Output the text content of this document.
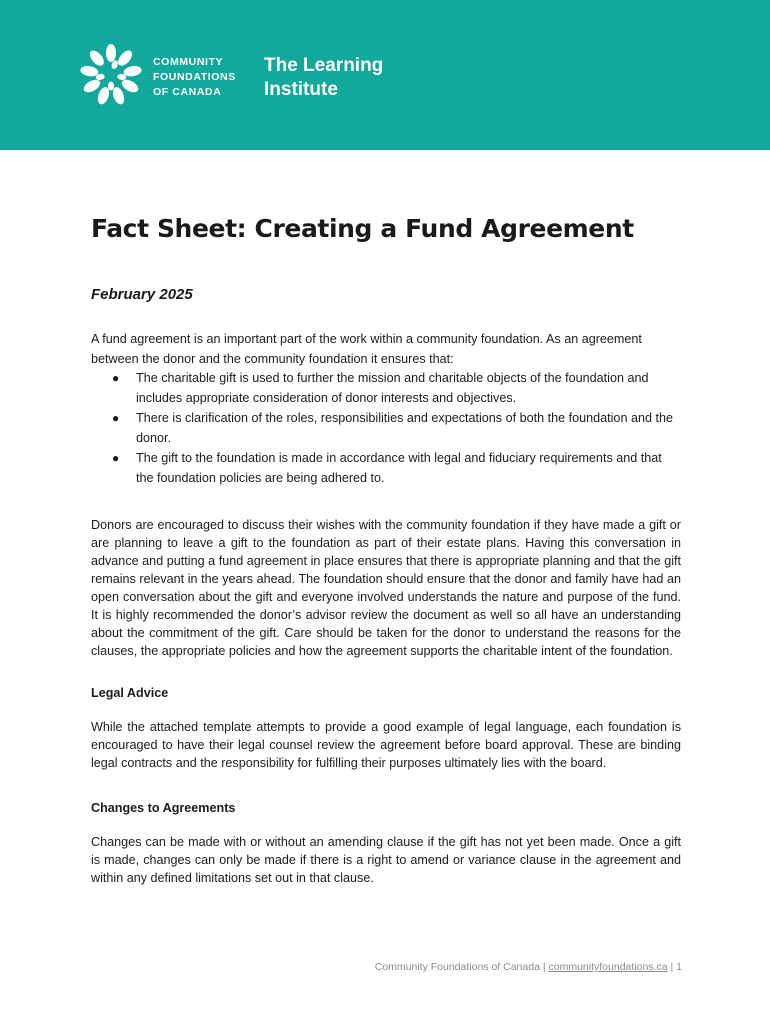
COMMUNITY
FOUNDATIONS
OF CANADA
The Learning
Institute
Fact Sheet: Creating a Fund Agreement

February 2025

A fund agreement is an important part of the work within a community foundation. As an agreement between the donor and the community foundation it ensures that:

● The charitable gift is used to further the mission and charitable objects of the foundation and includes appropriate consideration of donor interests and objectives.
● There is clarification of the roles, responsibilities and expectations of both the foundation and the donor.
● The gift to the foundation is made in accordance with legal and fiduciary requirements and that the foundation policies are being adhered to.

Donors are encouraged to discuss their wishes with the community foundation if they have made a gift or are planning to leave a gift to the foundation as part of their estate plans. Having this conversation in advance and putting a fund agreement in place ensures that there is appropriate planning and that the gift remains relevant in the years ahead. The foundation should ensure that the donor and family have had an open conversation about the gift and everyone involved understands the nature and purpose of the fund. It is highly recommended the donor’s advisor review the document as well so all have an understanding about the commitment of the gift. Care should be taken for the donor to understand the reasons for the clauses, the appropriate policies and how the agreement supports the charitable intent of the foundation.

Legal Advice

While the attached template attempts to provide a good example of legal language, each foundation is encouraged to have their legal counsel review the agreement before board approval. These are binding legal contracts and the responsibility for fulfilling their purposes ultimately lies with the board.

Changes to Agreements

Changes can be made with or without an amending clause if the gift has not yet been made. Once a gift is made, changes can only be made if there is a right to amend or variance clause in the agreement and within any defined limitations set out in that clause.

Community Foundations of Canada | communityfoundations.ca | 1
